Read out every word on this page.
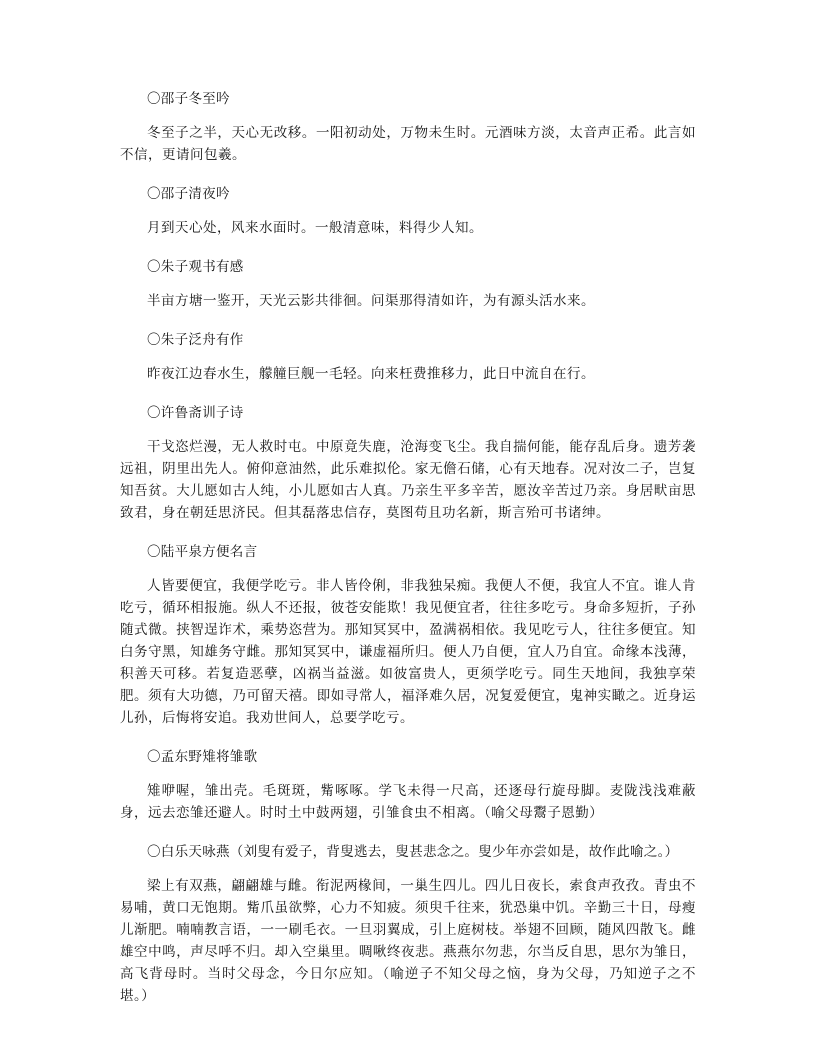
〇邵子冬至吟
冬至子之半，天心无改移。一阳初动处，万物未生时。元酒味方淡，太音声正希。此言如不信，更请问包羲。
〇邵子清夜吟
月到天心处，风来水面时。一般清意味，料得少人知。
〇朱子观书有感
半亩方塘一鉴开，天光云影共徘徊。问渠那得清如许，为有源头活水来。
〇朱子泛舟有作
昨夜江边春水生，艨艟巨舰一毛轻。向来枉费推移力，此日中流自在行。
〇许鲁斋训子诗
干戈恣烂漫，无人救时屯。中原竟失鹿，沧海变飞尘。我自揣何能，能存乱后身。遗芳袭远祖，阴里出先人。俯仰意油然，此乐难拟伦。家无儋石储，心有天地春。况对汝二子，岂复知吾贫。大儿愿如古人纯，小儿愿如古人真。乃亲生平多辛苦，愿汝辛苦过乃亲。身居畎亩思致君，身在朝廷思济民。但其磊落忠信存，莫图苟且功名新，斯言殆可书诸绅。
〇陆平泉方便名言
人皆要便宜，我便学吃亏。非人皆伶俐，非我独呆痴。我便人不便，我宜人不宜。谁人肯吃亏，循环相报施。纵人不还报，彼苍安能欺！我见便宜者，往往多吃亏。身命多短折，子孙随式微。挟智逞诈术，乘势恣营为。那知冥冥中，盈满祸相依。我见吃亏人，往往多便宜。知白务守黑，知雄务守雌。那知冥冥中，谦虚福所归。便人乃自便，宜人乃自宜。命缘本浅薄，积善天可移。若复造恶孽，凶祸当益滋。如彼富贵人，更须学吃亏。同生天地间，我独享荣肥。须有大功德，乃可留天禧。即如寻常人，福泽难久居，况复爱便宜，鬼神实瞰之。近身运儿孙，后悔将安追。我劝世间人，总要学吃亏。
〇孟东野雉将雏歌
雉咿喔，雏出壳。毛斑斑，觜啄啄。学飞未得一尺高，还逐母行旋母脚。麦陇浅浅难蔽身，远去恋雏还避人。时时土中鼓两翅，引雏食虫不相离。（喻父母鬻子恩勤）
〇白乐天咏燕（刘叟有爱子，背叟逃去，叟甚悲念之。叟少年亦尝如是，故作此喻之。）
梁上有双燕，翩翩雄与雌。衔泥两椽间，一巢生四儿。四儿日夜长，索食声孜孜。青虫不易哺，黄口无饱期。觜爪虽欲弊，心力不知疲。须臾千往来，犹恐巢中饥。辛勤三十日，母瘦儿渐肥。喃喃教言语，一一刷毛衣。一旦羽翼成，引上庭树枝。举翅不回顾，随风四散飞。雌雄空中鸣，声尽呼不归。却入空巢里。啁啾终夜悲。燕燕尔勿悲，尔当反自思，思尔为雏日，高飞背母时。当时父母念，今日尔应知。（喻逆子不知父母之恼，身为父母，乃知逆子之不堪。）
